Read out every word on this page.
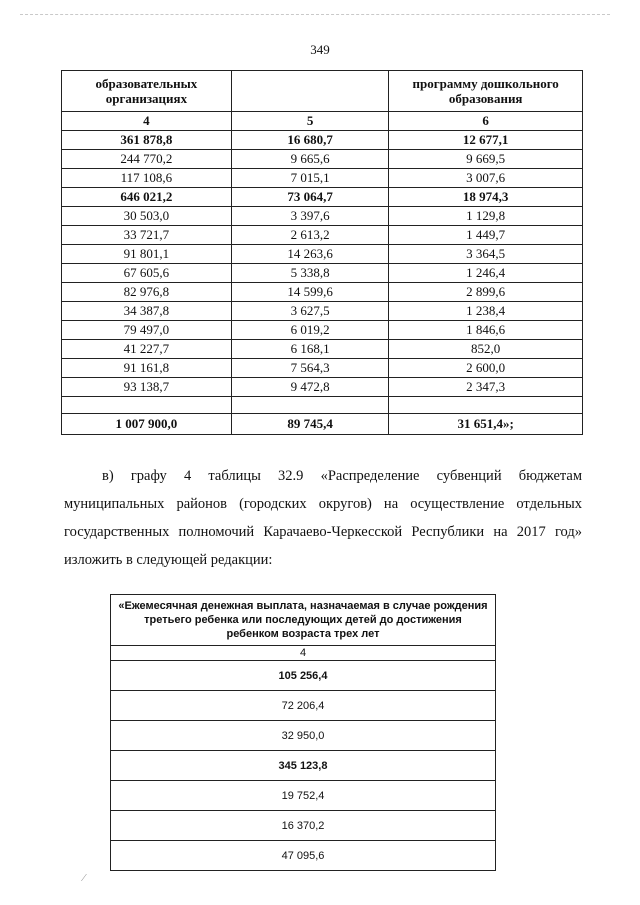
349
образовательных организациях		программу дошкольного образования
4	5	6
361 878,8	16 680,7	12 677,1
244 770,2	9 665,6	9 669,5
117 108,6	7 015,1	3 007,6
646 021,2	73 064,7	18 974,3
30 503,0	3 397,6	1 129,8
33 721,7	2 613,2	1 449,7
91 801,1	14 263,6	3 364,5
67 605,6	5 338,8	1 246,4
82 976,8	14 599,6	2 899,6
34 387,8	3 627,5	1 238,4
79 497,0	6 019,2	1 846,6
41 227,7	6 168,1	852,0
91 161,8	7 564,3	2 600,0
93 138,7	9 472,8	2 347,3

1 007 900,0	89 745,4	31 651,4»;
в) графу 4 таблицы 32.9 «Распределение субвенций бюджетам муниципальных районов (городских округов) на осуществление отдельных государственных полномочий Карачаево-Черкесской Республики на 2017 год» изложить в следующей редакции:
«Ежемесячная денежная выплата, назначаемая в случае рождения третьего ребенка или последующих детей до достижения ребенком возраста трех лет
4
105 256,4
72 206,4
32 950,0
345 123,8
19 752,4
16 370,2
47 095,6
⁄
